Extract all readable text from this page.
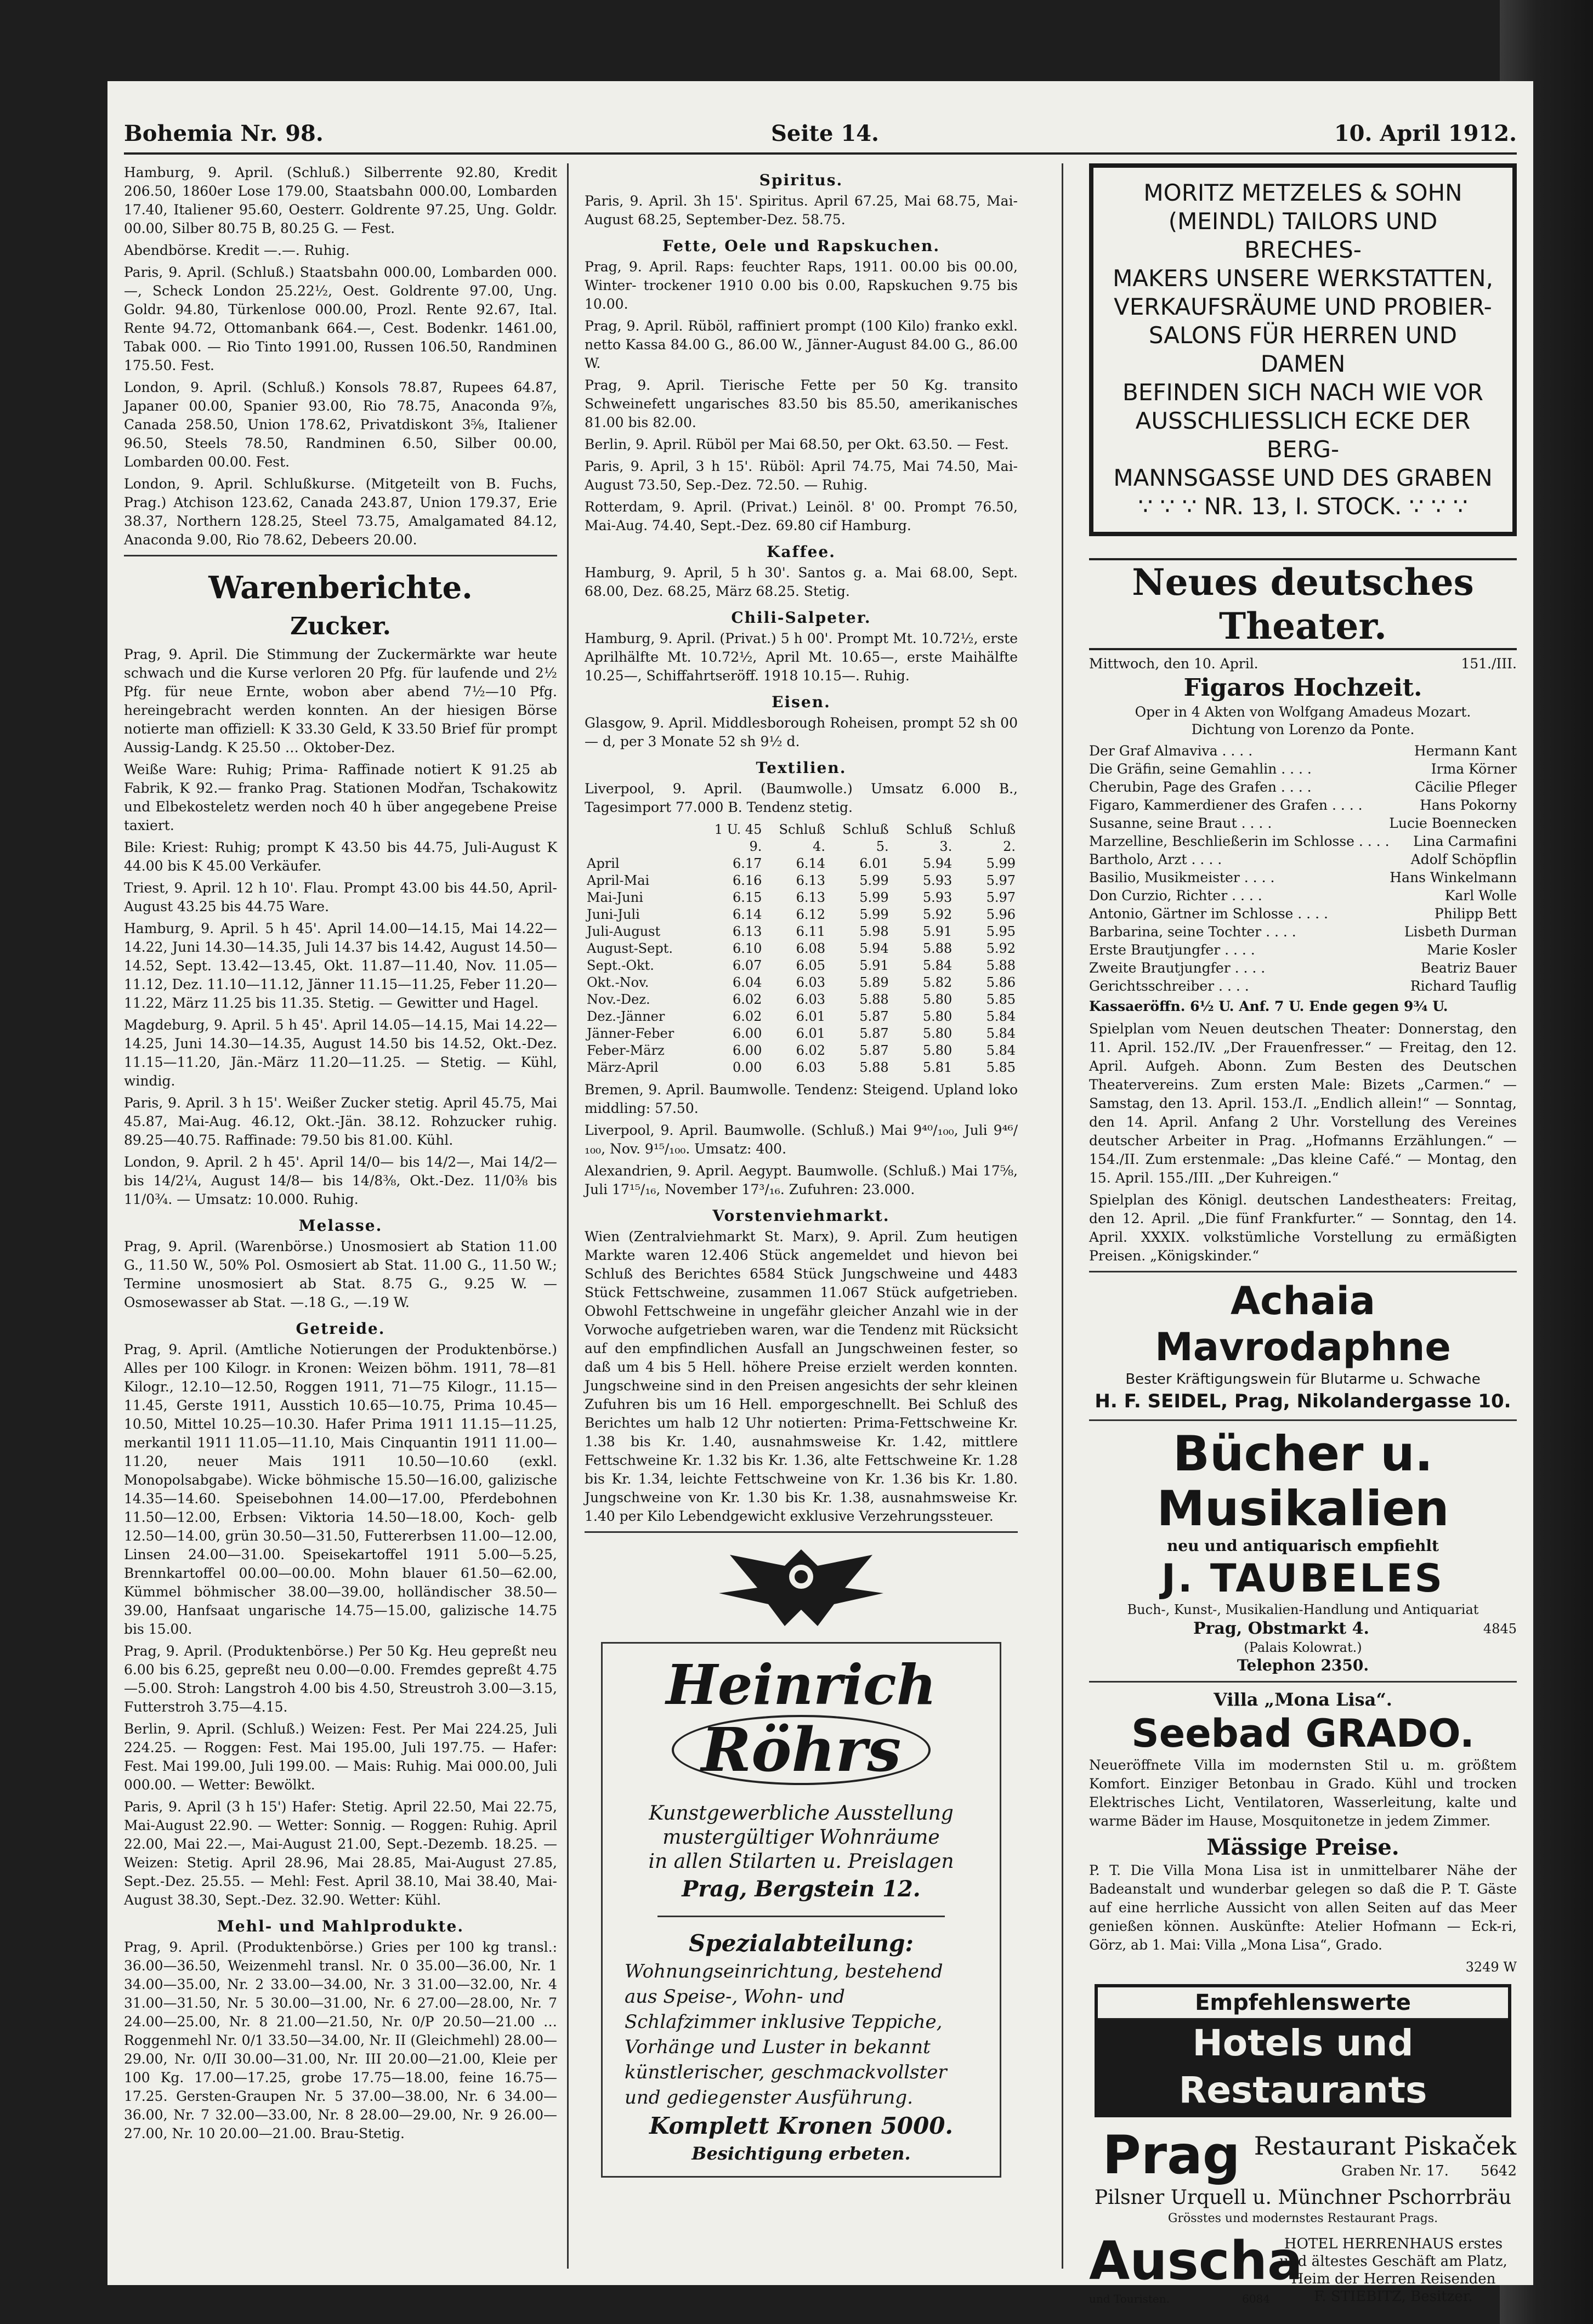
Bohemia Nr. 98.	Seite 14.	10. April 1912.

Hamburg, 9. April. (Schluß.) Silberrente 92.80, Kredit 206.50, 1860er Lose 179.00, Staatsbahn 000.00, Lombarden 17.40, Italiener 95.60, Oesterr. Goldrente 97.25, Ung. Goldr. 00.00, Silber 80.75 B, 80.25 G. — Fest.

Abendbörse. Kredit —.—. Ruhig.

Paris, 9. April. (Schluß.) Staatsbahn 000.00, Lombarden 000.—, Scheck London 25.22½, Oest. Goldrente 97.00, Ung. Goldr. 94.80, Türkenlose 000.00, Prozl. Rente 92.67, Ital. Rente 94.72, Ottomanbank 664.—, Cest. Bodenkr. 1461.00, Tabak 000. — Rio Tinto 1991.00, Russen 106.50, Randminen 175.50. Fest.

London, 9. April. (Schluß.) Konsols 78.87, Rupees 64.87, Japaner 00.00, Spanier 93.00, Rio 78.75, Anaconda 9⅞, Canada 258.50, Union 178.62, Privatdiskont 3⅝, Italiener 96.50, Steels 78.50, Randminen 6.50, Silber 00.00, Lombarden 00.00. Fest.

London, 9. April. Schlußkurse. (Mitgeteilt von B. Fuchs, Prag.) Atchison 123.62, Canada 243.87, Union 179.37, Erie 38.37, Northern 128.25, Steel 73.75, Amalgamated 84.12, Anaconda 9.00, Rio 78.62, Debeers 20.00.

Warenberichte.
Zucker.

Prag, 9. April. Die Stimmung der Zuckermärkte war heute schwach und die Kurse verloren 20 Pfg. für laufende und 2½ Pfg. für neue Ernte, wobon aber abend 7½—10 Pfg. hereingebracht werden konnten. An der hiesigen Börse notierte man offiziell: K 33.30 Geld, K 33.50 Brief für prompt Aussig-Landg. K 25.50 … Oktober-Dez.

Weiße Ware: Ruhig; Prima- Raffinade notiert K 91.25 ab Fabrik, K 92.— franko Prag. Stationen Modřan, Tschakowitz und Elbekosteletz werden noch 40 h über angegebene Preise taxiert.

Bile: Kriest: Ruhig; prompt K 43.50 bis 44.75, Juli-August K 44.00 bis K 45.00 Verkäufer.

Triest, 9. April. 12 h 10'. Flau. Prompt 43.00 bis 44.50, April-August 43.25 bis 44.75 Ware.

Hamburg, 9. April. 5 h 45'. April 14.00—14.15, Mai 14.22—14.22, Juni 14.30—14.35, Juli 14.37 bis 14.42, August 14.50—14.52, Sept. 13.42—13.45, Okt. 11.87—11.40, Nov. 11.05—11.12, Dez. 11.10—11.12, Jänner 11.15—11.25, Feber 11.20—11.22, März 11.25 bis 11.35. Stetig. — Gewitter und Hagel.

Magdeburg, 9. April. 5 h 45'. April 14.05—14.15, Mai 14.22—14.25, Juni 14.30—14.35, August 14.50 bis 14.52, Okt.-Dez. 11.15—11.20, Jän.-März 11.20—11.25. — Stetig. — Kühl, windig.

Paris, 9. April. 3 h 15'. Weißer Zucker stetig. April 45.75, Mai 45.87, Mai-Aug. 46.12, Okt.-Jän. 38.12. Rohzucker ruhig. 89.25—40.75. Raffinade: 79.50 bis 81.00. Kühl.

London, 9. April. 2 h 45'. April 14/0— bis 14/2—, Mai 14/2— bis 14/2¼, August 14/8— bis 14/8⅜, Okt.-Dez. 11/0⅜ bis 11/0¾. — Umsatz: 10.000. Ruhig.

Melasse.

Prag, 9. April. (Warenbörse.) Unosmosiert ab Station 11.00 G., 11.50 W., 50% Pol. Osmosiert ab Stat. 11.00 G., 11.50 W.; Termine unosmosiert ab Stat. 8.75 G., 9.25 W. — Osmosewasser ab Stat. —.18 G., —.19 W.

Getreide.

Prag, 9. April. (Amtliche Notierungen der Produktenbörse.) Alles per 100 Kilogr. in Kronen: Weizen böhm. 1911, 78—81 Kilogr., 12.10—12.50, Roggen 1911, 71—75 Kilogr., 11.15—11.45, Gerste 1911, Ausstich 10.65—10.75, Prima 10.45—10.50, Mittel 10.25—10.30. Hafer Prima 1911 11.15—11.25, merkantil 1911 11.05—11.10, Mais Cinquantin 1911 11.00—11.20, neuer Mais 1911 10.50—10.60 (exkl. Monopolsabgabe). Wicke böhmische 15.50—16.00, galizische 14.35—14.60. Speisebohnen 14.00—17.00, Pferdebohnen 11.50—12.00, Erbsen: Viktoria 14.50—18.00, Koch- gelb 12.50—14.00, grün 30.50—31.50, Futtererbsen 11.00—12.00, Linsen 24.00—31.00. Speisekartoffel 1911 5.00—5.25, Brennkartoffel 00.00—00.00. Mohn blauer 61.50—62.00, Kümmel böhmischer 38.00—39.00, holländischer 38.50—39.00, Hanfsaat ungarische 14.75—15.00, galizische 14.75 bis 15.00.

Prag, 9. April. (Produktenbörse.) Per 50 Kg. Heu gepreßt neu 6.00 bis 6.25, gepreßt neu 0.00—0.00. Fremdes gepreßt 4.75—5.00. Stroh: Langstroh 4.00 bis 4.50, Streustroh 3.00—3.15, Futterstroh 3.75—4.15.

Berlin, 9. April. (Schluß.) Weizen: Fest. Per Mai 224.25, Juli 224.25. — Roggen: Fest. Mai 195.00, Juli 197.75. — Hafer: Fest. Mai 199.00, Juli 199.00. — Mais: Ruhig. Mai 000.00, Juli 000.00. — Wetter: Bewölkt.

Paris, 9. April (3 h 15') Hafer: Stetig. April 22.50, Mai 22.75, Mai-August 22.90. — Wetter: Sonnig. — Roggen: Ruhig. April 22.00, Mai 22.—, Mai-August 21.00, Sept.-Dezemb. 18.25. — Weizen: Stetig. April 28.96, Mai 28.85, Mai-August 27.85, Sept.-Dez. 25.55. — Mehl: Fest. April 38.10, Mai 38.40, Mai-August 38.30, Sept.-Dez. 32.90. Wetter: Kühl.

Mehl- und Mahlprodukte.

Prag, 9. April. (Produktenbörse.) Gries per 100 kg transl.: 36.00—36.50, Weizenmehl transl. Nr. 0 35.00—36.00, Nr. 1 34.00—35.00, Nr. 2 33.00—34.00, Nr. 3 31.00—32.00, Nr. 4 31.00—31.50, Nr. 5 30.00—31.00, Nr. 6 27.00—28.00, Nr. 7 24.00—25.00, Nr. 8 21.00—21.50, Nr. 0/P 20.50—21.00 … Roggenmehl Nr. 0/1 33.50—34.00, Nr. II (Gleichmehl) 28.00—29.00, Nr. 0/II 30.00—31.00, Nr. III 20.00—21.00, Kleie per 100 Kg. 17.00—17.25, grobe 17.75—18.00, feine 16.75—17.25. Gersten-Graupen Nr. 5 37.00—38.00, Nr. 6 34.00—36.00, Nr. 7 32.00—33.00, Nr. 8 28.00—29.00, Nr. 9 26.00—27.00, Nr. 10 20.00—21.00. Brau-Stetig.

Spiritus.

Paris, 9. April. 3h 15'. Spiritus. April 67.25, Mai 68.75, Mai-August 68.25, September-Dez. 58.75.

Fette, Oele und Rapskuchen.

Prag, 9. April. Raps: feuchter Raps, 1911. 00.00 bis 00.00, Winter- trockener 1910 0.00 bis 0.00, Rapskuchen 9.75 bis 10.00.

Prag, 9. April. Rüböl, raffiniert prompt (100 Kilo) franko exkl. netto Kassa 84.00 G., 86.00 W., Jänner-August 84.00 G., 86.00 W.

Prag, 9. April. Tierische Fette per 50 Kg. transito Schweinefett ungarisches 83.50 bis 85.50, amerikanisches 81.00 bis 82.00.

Berlin, 9. April. Rüböl per Mai 68.50, per Okt. 63.50. — Fest.

Paris, 9. April, 3 h 15'. Rüböl: April 74.75, Mai 74.50, Mai-August 73.50, Sep.-Dez. 72.50. — Ruhig.

Rotterdam, 9. April. (Privat.) Leinöl. 8' 00. Prompt 76.50, Mai-Aug. 74.40, Sept.-Dez. 69.80 cif Hamburg.

Kaffee.

Hamburg, 9. April, 5 h 30'. Santos g. a. Mai 68.00, Sept. 68.00, Dez. 68.25, März 68.25. Stetig.

Chili-Salpeter.

Hamburg, 9. April. (Privat.) 5 h 00'. Prompt Mt. 10.72½, erste Aprilhälfte Mt. 10.72½, April Mt. 10.65—, erste Maihälfte 10.25—, Schiffahrtseröff. 1918 10.15—. Ruhig.

Eisen.

Glasgow, 9. April. Middlesborough Roheisen, prompt 52 sh 00— d, per 3 Monate 52 sh 9½ d.

Textilien.

Liverpool, 9. April. (Baumwolle.) Umsatz 6.000 B., Tagesimport 77.000 B. Tendenz stetig.

	1 U. 45	Schluß	Schluß	Schluß	Schluß
	9.	4.	5.	3.	2.
April	6.17	6.14	6.01	5.94	5.99
April-Mai	6.16	6.13	5.99	5.93	5.97
Mai-Juni	6.15	6.13	5.99	5.93	5.97
Juni-Juli	6.14	6.12	5.99	5.92	5.96
Juli-August	6.13	6.11	5.98	5.91	5.95
August-Sept.	6.10	6.08	5.94	5.88	5.92
Sept.-Okt.	6.07	6.05	5.91	5.84	5.88
Okt.-Nov.	6.04	6.03	5.89	5.82	5.86
Nov.-Dez.	6.02	6.03	5.88	5.80	5.85
Dez.-Jänner	6.02	6.01	5.87	5.80	5.84
Jänner-Feber	6.00	6.01	5.87	5.80	5.84
Feber-März	6.00	6.02	5.87	5.80	5.84
März-April	0.00	6.03	5.88	5.81	5.85

Bremen, 9. April. Baumwolle. Tendenz: Steigend. Upland loko middling: 57.50.

Liverpool, 9. April. Baumwolle. (Schluß.) Mai 9⁴⁰/₁₀₀, Juli 9⁴⁶/₁₀₀, Nov. 9¹⁵/₁₀₀. Umsatz: 400.

Alexandrien, 9. April. Aegypt. Baumwolle. (Schluß.) Mai 17⅝, Juli 17¹⁵/₁₆, November 17³/₁₆. Zufuhren: 23.000.

Vorstenviehmarkt.

Wien (Zentralviehmarkt St. Marx), 9. April. Zum heutigen Markte waren 12.406 Stück angemeldet und hievon bei Schluß des Berichtes 6584 Stück Jungschweine und 4483 Stück Fettschweine, zusammen 11.067 Stück aufgetrieben. Obwohl Fettschweine in ungefähr gleicher Anzahl wie in der Vorwoche aufgetrieben waren, war die Tendenz mit Rücksicht auf den empfindlichen Ausfall an Jungschweinen fester, so daß um 4 bis 5 Hell. höhere Preise erzielt werden konnten. Jungschweine sind in den Preisen angesichts der sehr kleinen Zufuhren bis um 16 Hell. emporgeschnellt. Bei Schluß des Berichtes um halb 12 Uhr notierten: Prima-Fettschweine Kr. 1.38 bis Kr. 1.40, ausnahmsweise Kr. 1.42, mittlere Fettschweine Kr. 1.32 bis Kr. 1.36, alte Fettschweine Kr. 1.28 bis Kr. 1.34, leichte Fettschweine von Kr. 1.36 bis Kr. 1.80. Jungschweine von Kr. 1.30 bis Kr. 1.38, ausnahmsweise Kr. 1.40 per Kilo Lebendgewicht exklusive Verzehrungssteuer.

Heinrich
Röhrs
Kunstgewerbliche Ausstellung
mustergültiger Wohnräume
in allen Stilarten u. Preislagen
Prag, Bergstein 12.
Spezialabteilung:
Wohnungseinrichtung, bestehend aus Speise-, Wohn- und Schlafzimmer inklusive Teppiche, Vorhänge und Luster in bekannt künstlerischer, geschmackvollster und gediegenster Ausführung.
Komplett Kronen 5000.
Besichtigung erbeten.
MORITZ METZELES & SOHN
(MEINDL) TAILORS UND BRECHES-
MAKERS UNSERE WERKSTATTEN,
VERKAUFSRÄUME UND PROBIER-
SALONS FÜR HERREN UND DAMEN
BEFINDEN SICH NACH WIE VOR
AUSSCHLIESSLICH ECKE DER BERG-
MANNSGASSE UND DES GRABEN
∵ ∵ ∵ NR. 13, I. STOCK. ∵ ∵ ∵
Neues deutsches Theater.
Mittwoch, den 10. April.	151./III.
Figaros Hochzeit.
Oper in 4 Akten von Wolfgang Amadeus Mozart.
Dichtung von Lorenzo da Ponte.
Der Graf Almaviva . . . .	Hermann Kant
Die Gräfin, seine Gemahlin . . . .	Irma Körner
Cherubin, Page des Grafen . . . .	Cäcilie Pfleger
Figaro, Kammerdiener des Grafen . . . .	Hans Pokorny
Susanne, seine Braut . . . .	Lucie Boennecken
Marzelline, Beschließerin im Schlosse . . . . Lina Carmafini
Bartholo, Arzt . . . .	Adolf Schöpflin
Basilio, Musikmeister . . . .	Hans Winkelmann
Don Curzio, Richter . . . .	Karl Wolle
Antonio, Gärtner im Schlosse . . . .	Philipp Bett
Barbarina, seine Tochter . . . .	Lisbeth Durman
Erste Brautjungfer . . . .	Marie Kosler
Zweite Brautjungfer . . . .	Beatriz Bauer
Gerichtsschreiber . . . .	Richard Tauflig
Kassaeröffn. 6½ U. Anf. 7 U. Ende gegen 9¾ U.

Spielplan vom Neuen deutschen Theater: Donnerstag, den 11. April. 152./IV. „Der Frauenfresser.“ — Freitag, den 12. April. Aufgeh. Abonn. Zum Besten des Deutschen Theatervereins. Zum ersten Male: Bizets „Carmen.“ — Samstag, den 13. April. 153./I. „Endlich allein!“ — Sonntag, den 14. April. Anfang 2 Uhr. Vorstellung des Vereines deutscher Arbeiter in Prag. „Hofmanns Erzählungen.“ — 154./II. Zum erstenmale: „Das kleine Café.“ — Montag, den 15. April. 155./III. „Der Kuhreigen.“

Spielplan des Königl. deutschen Landestheaters: Freitag, den 12. April. „Die fünf Frankfurter.“ — Sonntag, den 14. April. XXXIX. volkstümliche Vorstellung zu ermäßigten Preisen. „Königskinder.“

Achaia Mavrodaphne
Bester Kräftigungswein für Blutarme u. Schwache
H. F. SEIDEL, Prag, Nikolandergasse 10.
Bücher u. Musikalien
neu und antiquarisch empfiehlt
J. TAUBELES
Buch-, Kunst-, Musikalien-Handlung und Antiquariat
Prag, Obstmarkt 4.	4845
(Palais Kolowrat.)
Telephon 2350.
Villa „Mona Lisa“.
Seebad GRADO.

Neueröffnete Villa im modernsten Stil u. m. größtem Komfort. Einziger Betonbau in Grado. Kühl und trocken Elektrisches Licht, Ventilatoren, Wasserleitung, kalte und warme Bäder im Hause, Mosquitonetze in jedem Zimmer.

Mässige Preise.

P. T. Die Villa Mona Lisa ist in unmittelbarer Nähe der Badeanstalt und wunderbar gelegen so daß die P. T. Gäste auf eine herrliche Aussicht von allen Seiten auf das Meer genießen können. Auskünfte: Atelier Hofmann — Eck-ri, Görz, ab 1. Mai: Villa „Mona Lisa“, Grado.

3249 W
Empfehlenswerte
Hotels und Restaurants
Prag Restaurant Piskaček
Graben Nr. 17. 5642
Pilsner Urquell u. Münchner Pschorrbräu
Grösstes und modernstes Restaurant Prags.
Auscha
und Touristen.	6084
HOTEL HERRENHAUS erstes und ältestes Geschäft am Platz, Heim der Herren Reisenden
F. STIEBITZ, Besitzer.
